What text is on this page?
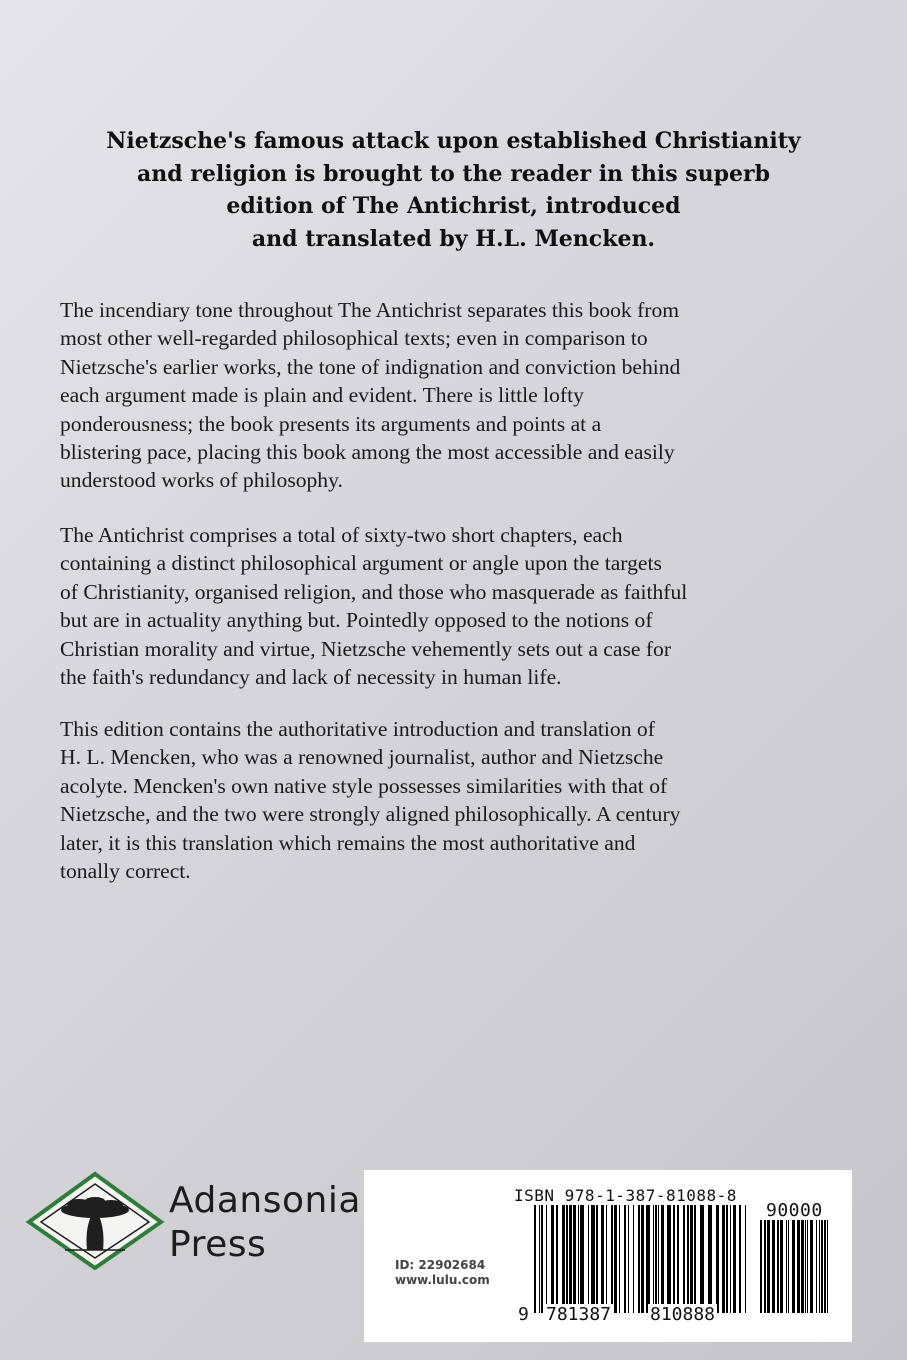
Nietzsche's famous attack upon established Christianity
and religion is brought to the reader in this superb
edition of The Antichrist, introduced
and translated by H.L. Mencken.
The incendiary tone throughout The Antichrist separates this book from
most other well-regarded philosophical texts; even in comparison to
Nietzsche's earlier works, the tone of indignation and conviction behind
each argument made is plain and evident. There is little lofty
ponderousness; the book presents its arguments and points at a
blistering pace, placing this book among the most accessible and easily
understood works of philosophy.
The Antichrist comprises a total of sixty-two short chapters, each
containing a distinct philosophical argument or angle upon the targets
of Christianity, organised religion, and those who masquerade as faithful
but are in actuality anything but. Pointedly opposed to the notions of
Christian morality and virtue, Nietzsche vehemently sets out a case for
the faith's redundancy and lack of necessity in human life.
This edition contains the authoritative introduction and translation of
H. L. Mencken, who was a renowned journalist, author and Nietzsche
acolyte. Mencken's own native style possesses similarities with that of
Nietzsche, and the two were strongly aligned philosophically. A century
later, it is this translation which remains the most authoritative and
tonally correct.
Adansonia
Press
ISBN 978-1-387-81088-8
90000
9 781387 810888
ID: 22902684
www.lulu.com
